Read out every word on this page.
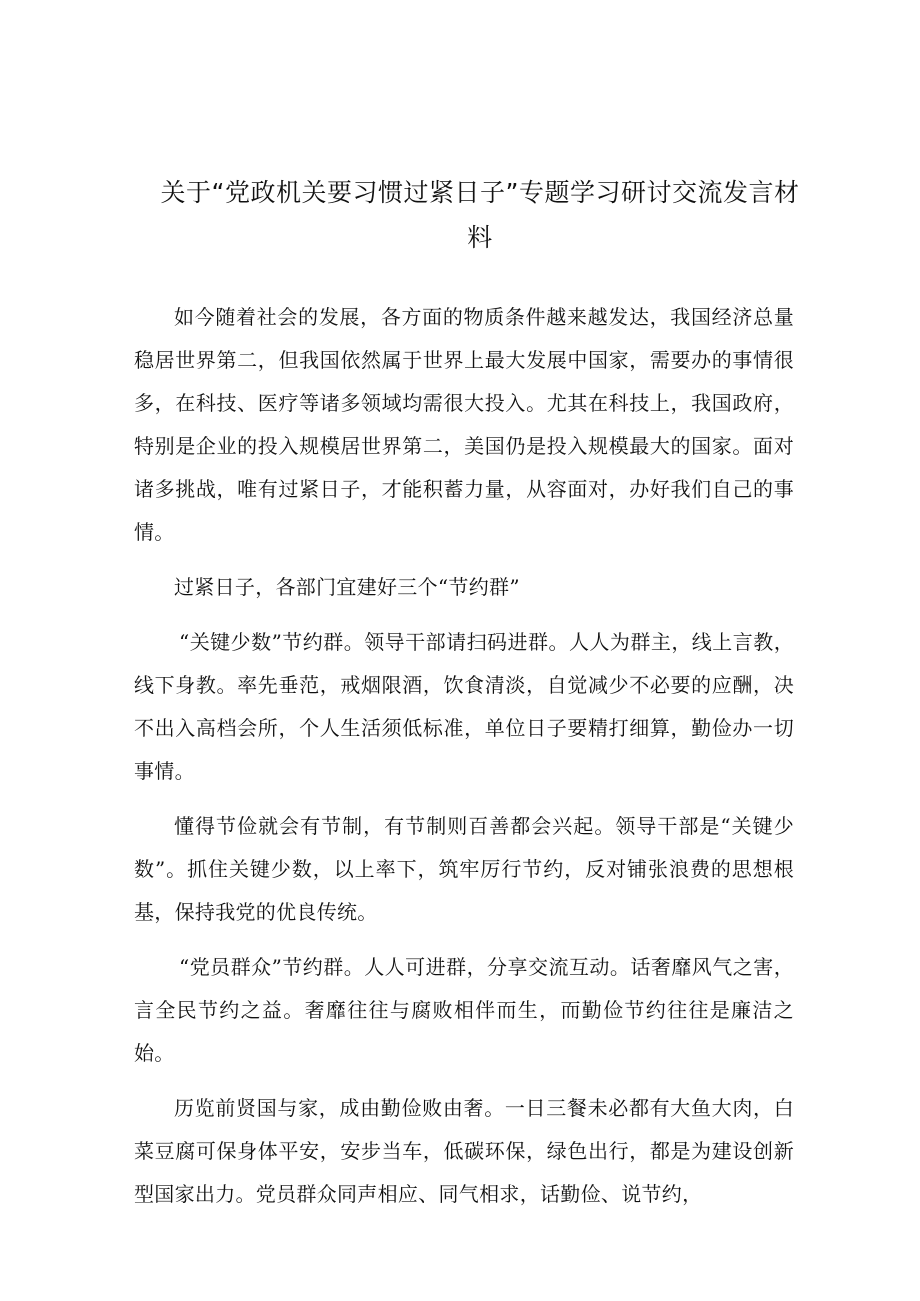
关于“党政机关要习惯过紧日子”专题学习研讨交流发言材料

如今随着社会的发展，各方面的物质条件越来越发达，我国经济总量稳居世界第二，但我国依然属于世界上最大发展中国家，需要办的事情很多，在科技、医疗等诸多领域均需很大投入。尤其在科技上，我国政府，特别是企业的投入规模居世界第二，美国仍是投入规模最大的国家。面对诸多挑战，唯有过紧日子，才能积蓄力量，从容面对，办好我们自己的事情。

过紧日子，各部门宜建好三个“节约群”

“关键少数”节约群。领导干部请扫码进群。人人为群主，线上言教，线下身教。率先垂范，戒烟限酒，饮食清淡，自觉减少不必要的应酬，决不出入高档会所，个人生活须低标准，单位日子要精打细算，勤俭办一切事情。

懂得节俭就会有节制，有节制则百善都会兴起。领导干部是“关键少数”。抓住关键少数，以上率下，筑牢厉行节约，反对铺张浪费的思想根基，保持我党的优良传统。

“党员群众”节约群。人人可进群，分享交流互动。话奢靡风气之害，言全民节约之益。奢靡往往与腐败相伴而生，而勤俭节约往往是廉洁之始。

历览前贤国与家，成由勤俭败由奢。一日三餐未必都有大鱼大肉，白菜豆腐可保身体平安，安步当车，低碳环保，绿色出行，都是为建设创新型国家出力。党员群众同声相应、同气相求，话勤俭、说节约，
